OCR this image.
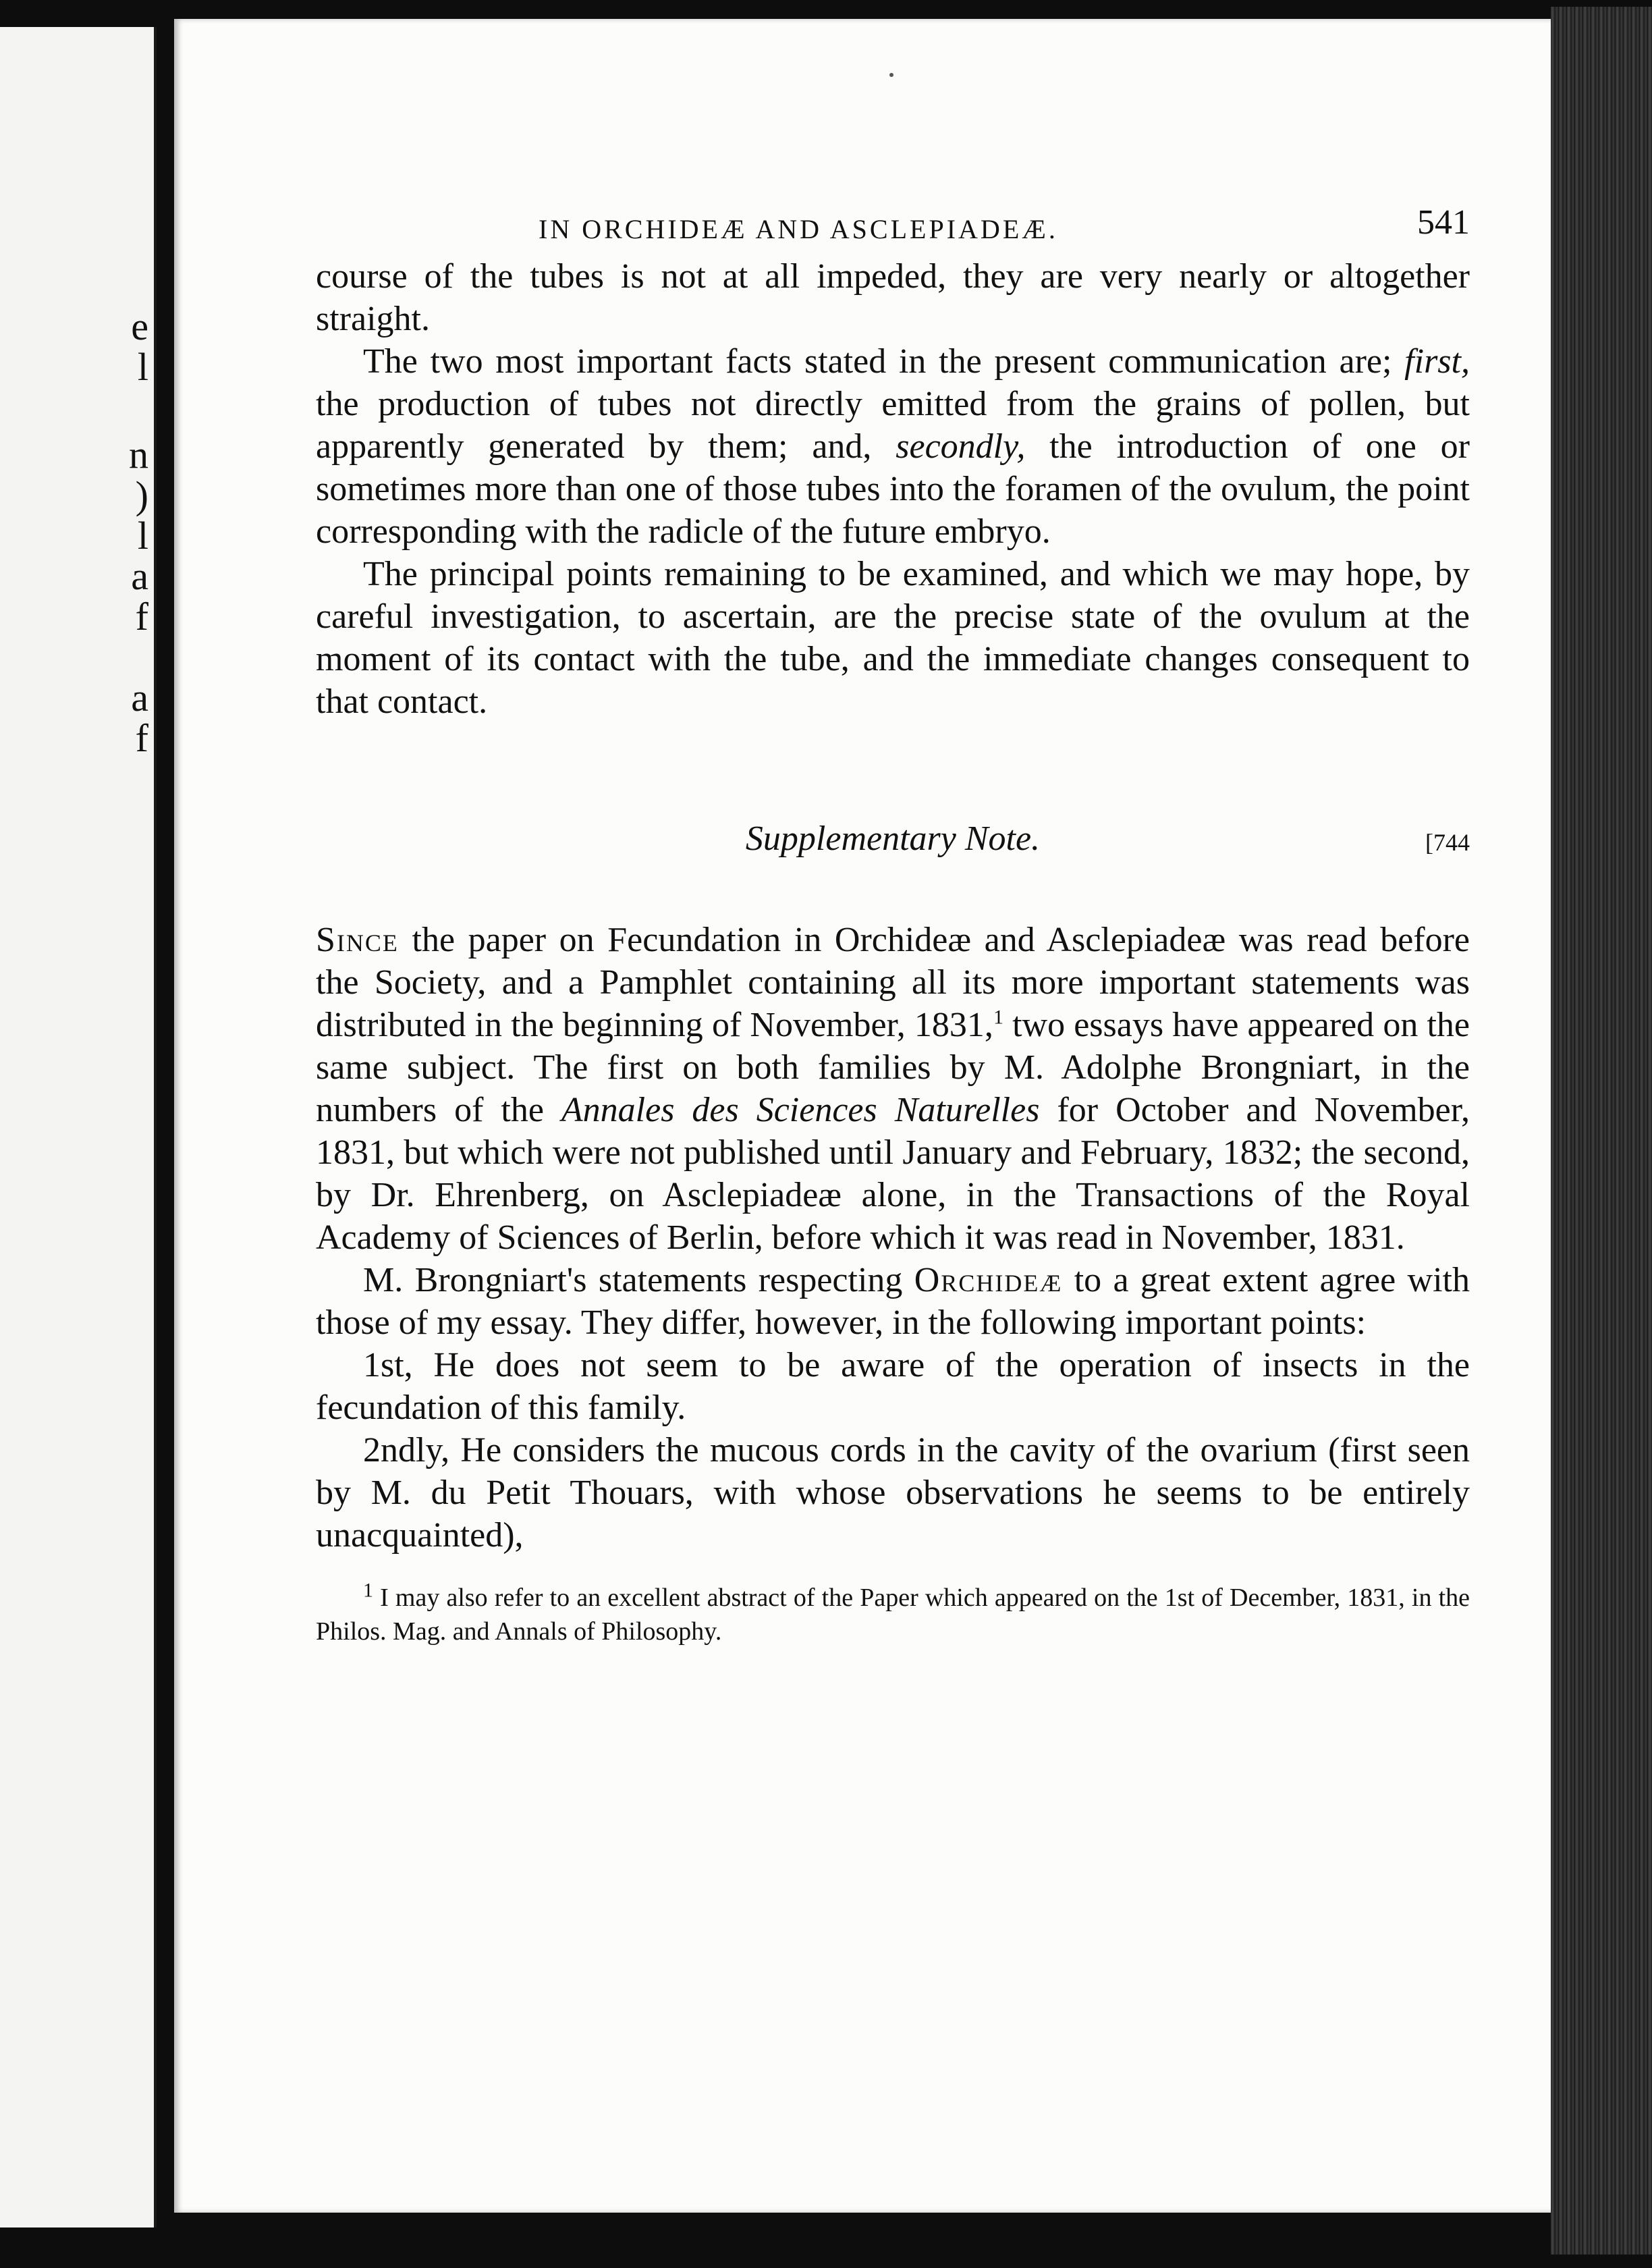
e
l
n
)
l
a
f
a
f
IN ORCHIDEÆ AND ASCLEPIADEÆ.	541

course of the tubes is not at all impeded, they are very nearly or altogether straight.

The two most important facts stated in the present communication are; first, the production of tubes not directly emitted from the grains of pollen, but apparently generated by them; and, secondly, the introduction of one or sometimes more than one of those tubes into the foramen of the ovulum, the point corresponding with the radicle of the future embryo.

The principal points remaining to be examined, and which we may hope, by careful investigation, to ascertain, are the precise state of the ovulum at the moment of its contact with the tube, and the immediate changes consequent to that contact.

Supplementary Note.	[744

Since the paper on Fecundation in Orchideæ and Asclepiadeæ was read before the Society, and a Pamphlet containing all its more important statements was distributed in the beginning of November, 1831,$^1$ two essays have appeared on the same subject. The first on both families by M. Adolphe Brongniart, in the numbers of the Annales des Sciences Naturelles for October and November, 1831, but which were not published until January and February, 1832; the second, by Dr. Ehrenberg, on Asclepiadeæ alone, in the Transactions of the Royal Academy of Sciences of Berlin, before which it was read in November, 1831.

M. Brongniart's statements respecting Orchideæ to a great extent agree with those of my essay. They differ, however, in the following important points:

1st, He does not seem to be aware of the operation of insects in the fecundation of this family.

2ndly, He considers the mucous cords in the cavity of the ovarium (first seen by M. du Petit Thouars, with whose observations he seems to be entirely unacquainted),

$^1$ I may also refer to an excellent abstract of the Paper which appeared on the 1st of December, 1831, in the Philos. Mag. and Annals of Philosophy.
